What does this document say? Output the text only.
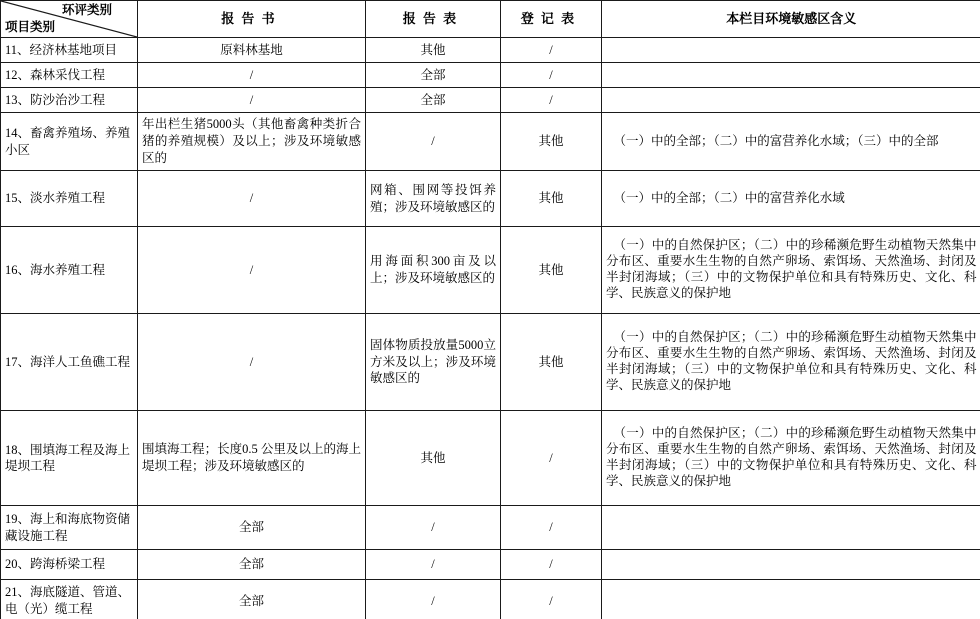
环评类别
项目类别	报告书	报告表	登记表	本栏目环境敏感区含义
11、经济林基地项目	原料林基地	其他	/	
12、森林采伐工程	/	全部	/	
13、防沙治沙工程	/	全部	/	
14、畜禽养殖场、养殖小区	年出栏生猪5000头（其他畜禽种类折合猪的养殖规模）及以上；涉及环境敏感区的	/	其他	（一）中的全部；（二）中的富营养化水域；（三）中的全部
15、淡水养殖工程	/	网箱、围网等投饵养殖；涉及环境敏感区的	其他	（一）中的全部；（二）中的富营养化水域
16、海水养殖工程	/	用海面积300亩及以上；涉及环境敏感区的	其他	（一）中的自然保护区；（二）中的珍稀濒危野生动植物天然集中分布区、重要水生生物的自然产卵场、索饵场、天然渔场、封闭及半封闭海域；（三）中的文物保护单位和具有特殊历史、文化、科学、民族意义的保护地
17、海洋人工鱼礁工程	/	固体物质投放量5000立方米及以上；涉及环境敏感区的	其他	（一）中的自然保护区；（二）中的珍稀濒危野生动植物天然集中分布区、重要水生生物的自然产卵场、索饵场、天然渔场、封闭及半封闭海域；（三）中的文物保护单位和具有特殊历史、文化、科学、民族意义的保护地
18、围填海工程及海上堤坝工程	围填海工程；长度0.5 公里及以上的海上堤坝工程；涉及环境敏感区的	其他	/	（一）中的自然保护区；（二）中的珍稀濒危野生动植物天然集中分布区、重要水生生物的自然产卵场、索饵场、天然渔场、封闭及半封闭海域；（三）中的文物保护单位和具有特殊历史、文化、科学、民族意义的保护地
19、海上和海底物资储藏设施工程	全部	/	/	
20、跨海桥梁工程	全部	/	/	
21、海底隧道、管道、电（光）缆工程	全部	/	/	
